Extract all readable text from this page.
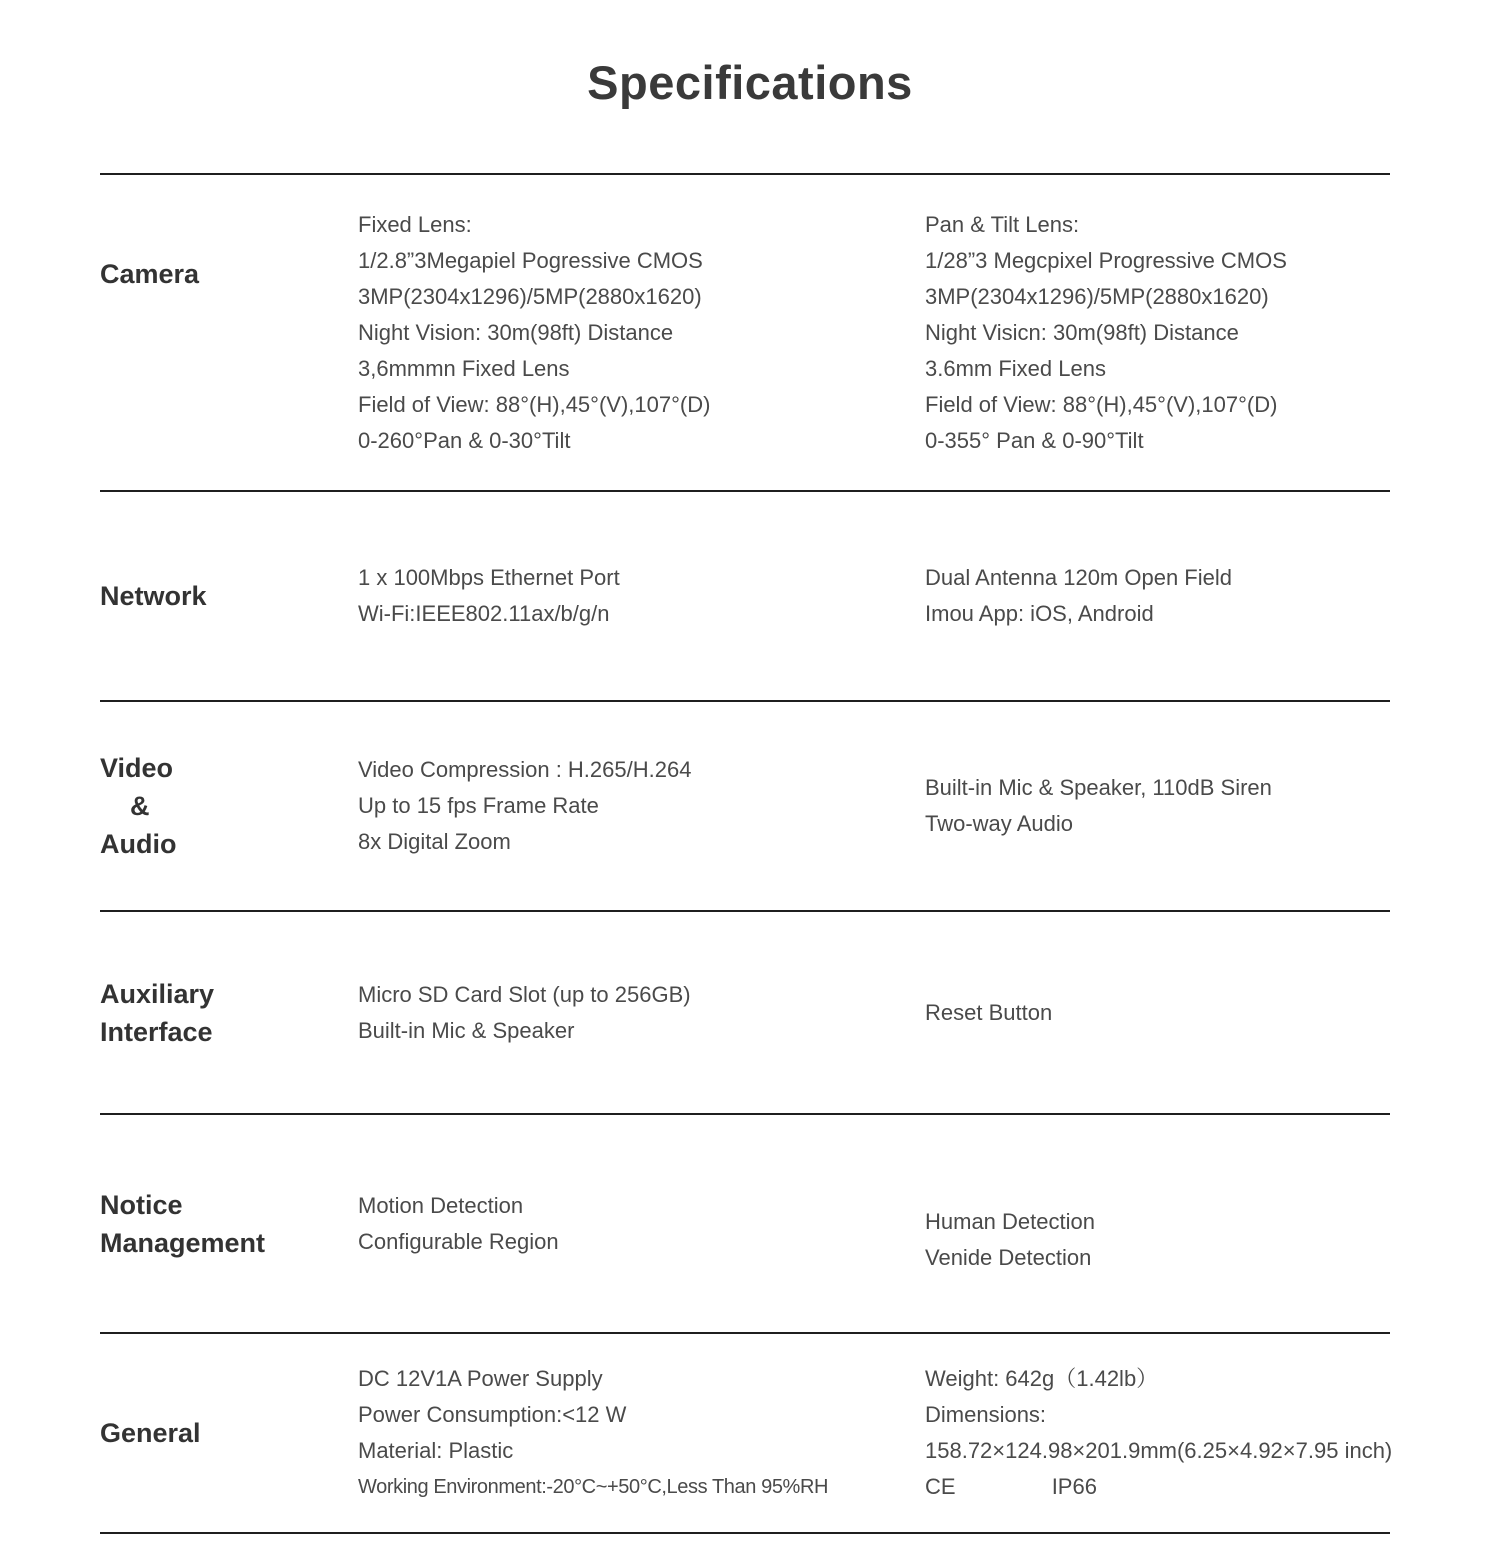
Specifications
Camera
Fixed Lens:
1/2.8”3Megapiel Pogressive CMOS
3MP(2304x1296)/5MP(2880x1620)
Night Vision: 30m(98ft) Distance
3,6mmmn Fixed Lens
Field of View: 88°(H),45°(V),107°(D)
0-260°Pan & 0-30°Tilt
Pan & Tilt Lens:
1/28”3 Megcpixel Progressive CMOS
3MP(2304x1296)/5MP(2880x1620)
Night Visicn: 30m(98ft) Distance
3.6mm Fixed Lens
Field of View: 88°(H),45°(V),107°(D)
0-355° Pan & 0-90°Tilt
Network
1 x 100Mbps Ethernet Port
Wi-Fi:IEEE802.11ax/b/g/n
Dual Antenna 120m Open Field
Imou App: iOS, Android
Video
&
Audio
Video Compression : H.265/H.264
Up to 15 fps Frame Rate
8x Digital Zoom
Built-in Mic & Speaker, 110dB Siren
Two-way Audio
Auxiliary
Interface
Micro SD Card Slot (up to 256GB)
Built-in Mic & Speaker
Reset Button
Notice
Management
Motion Detection
Configurable Region
Human Detection
Venide Detection
General
DC 12V1A Power Supply
Power Consumption:<12 W
Material: Plastic
Working Environment:-20°C~+50°C,Less Than 95%RH
Weight: 642g（1.42lb）
Dimensions:
158.72×124.98×201.9mm(6.25×4.92×7.95 inch)
CE	IP66
